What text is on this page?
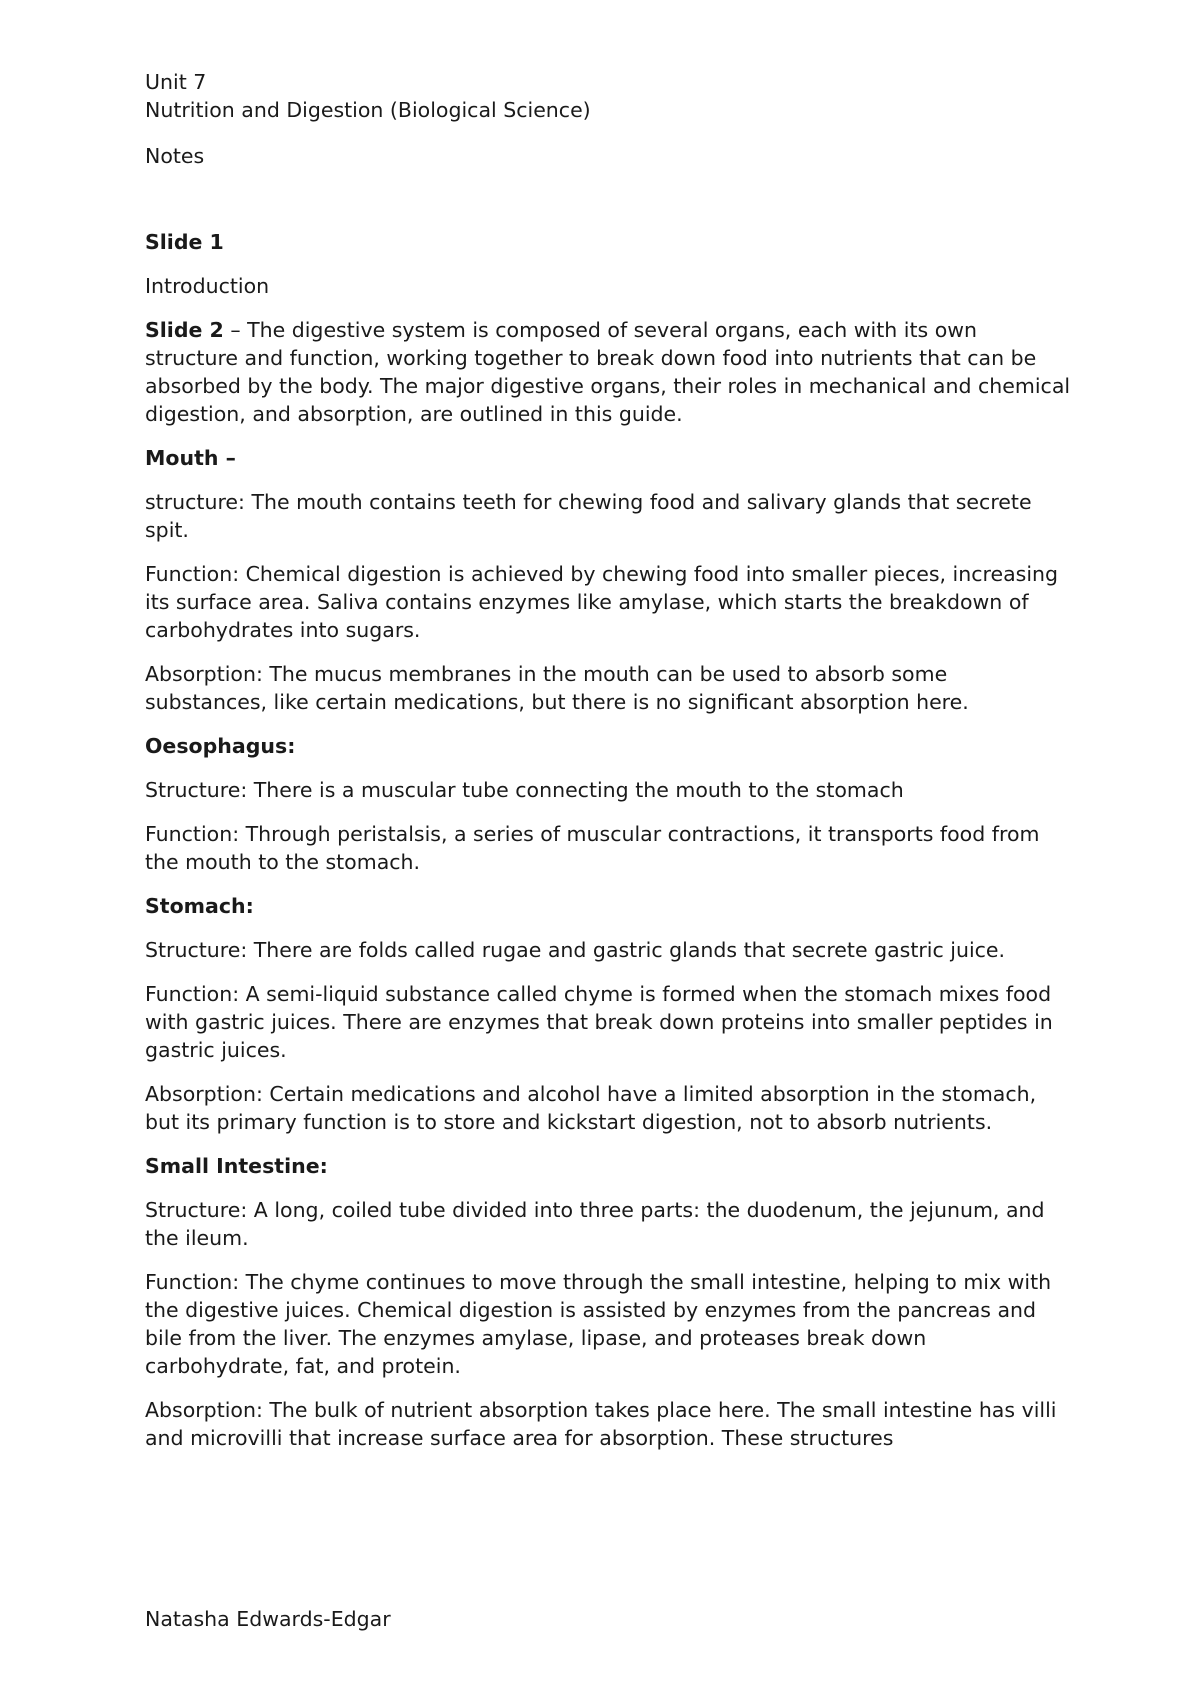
Unit 7

Nutrition and Digestion (Biological Science)

Notes

Slide 1

Introduction

Slide 2 – The digestive system is composed of several organs, each with its own structure and function, working together to break down food into nutrients that can be absorbed by the body. The major digestive organs, their roles in mechanical and chemical digestion, and absorption, are outlined in this guide.

Mouth –

structure: The mouth contains teeth for chewing food and salivary glands that secrete spit.

Function: Chemical digestion is achieved by chewing food into smaller pieces, increasing its surface area. Saliva contains enzymes like amylase, which starts the breakdown of carbohydrates into sugars.

Absorption: The mucus membranes in the mouth can be used to absorb some substances, like certain medications, but there is no significant absorption here.

Oesophagus:

Structure: There is a muscular tube connecting the mouth to the stomach

Function: Through peristalsis, a series of muscular contractions, it transports food from the mouth to the stomach.

Stomach:

Structure: There are folds called rugae and gastric glands that secrete gastric juice.

Function: A semi-liquid substance called chyme is formed when the stomach mixes food with gastric juices. There are enzymes that break down proteins into smaller peptides in gastric juices.

Absorption: Certain medications and alcohol have a limited absorption in the stomach, but its primary function is to store and kickstart digestion, not to absorb nutrients.

Small Intestine:

Structure: A long, coiled tube divided into three parts: the duodenum, the jejunum, and the ileum.

Function: The chyme continues to move through the small intestine, helping to mix with the digestive juices. Chemical digestion is assisted by enzymes from the pancreas and bile from the liver. The enzymes amylase, lipase, and proteases break down carbohydrate, fat, and protein.

Absorption: The bulk of nutrient absorption takes place here. The small intestine has villi and microvilli that increase surface area for absorption. These structures

Natasha Edwards-Edgar
